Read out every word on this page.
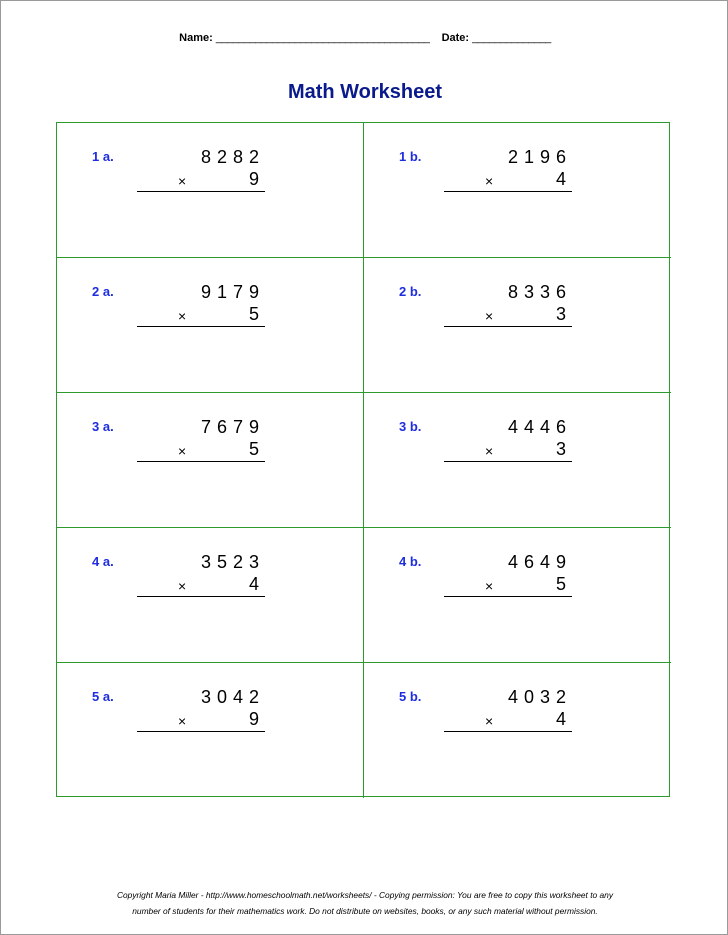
Name: ______________________________________ Date: ______________
Math Worksheet
1 a.	8282
×	9
1 b.	2196
×	4
2 a.	9179
×	5
2 b.	8336
×	3
3 a.	7679
×	5
3 b.	4446
×	3
4 a.	3523
×	4
4 b.	4649
×	5
5 a.	3042
×	9
5 b.	4032
×	4
Copyright Maria Miller - http://www.homeschoolmath.net/worksheets/ - Copying permission: You are free to copy this worksheet to any
number of students for their mathematics work. Do not distribute on websites, books, or any such material without permission.
